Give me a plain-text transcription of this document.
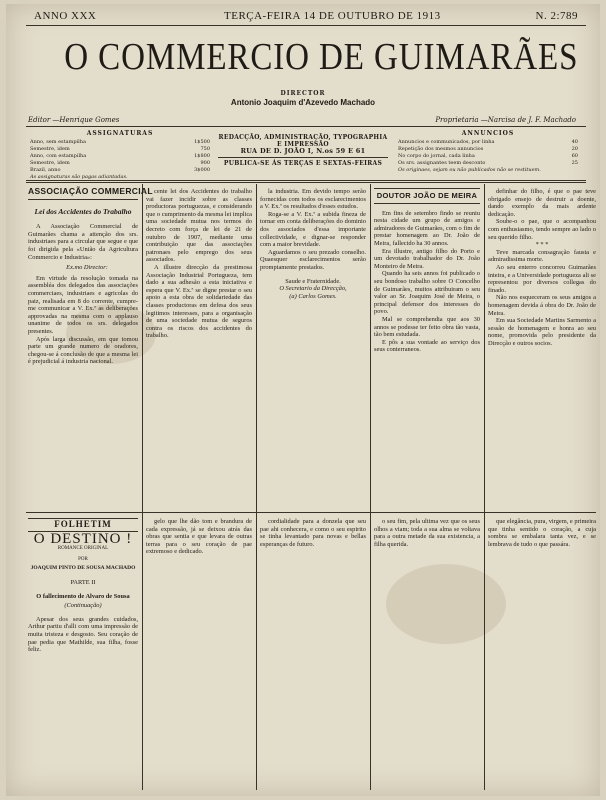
ANNO XXX	TERÇA-FEIRA 14 DE OUTUBRO DE 1913	N. 2:789
O COMMERCIO DE GUIMARÃES
DIRECTOR
Antonio Joaquim d'Azevedo Machado
Editor —Henrique Gomes	Proprietaria —Narcisa de J. F. Machado
ASSIGNATURAS
Anno, sem estampilha	1$500
Semestre, idem	750
Anno, com estampilha	1$800
Semestre, idem	900
Brazil, anno	3$000
As assignaturas são pagas adiantadas.
REDACÇÃO, ADMINISTRAÇÃO, TYPOGRAPHIA
E IMPRESSÃO
RUA DE D. JOÃO I, N.os 59 E 61
PUBLICA-SE ÁS TERÇAS E SEXTAS-FEIRAS
ANNUNCIOS
Annuncios e communicados, por linha	40
Repetição dos mesmos annuncios	20
No corpo do jornal, cada linha	60
Os srs. assignantes teem desconto	25
Os originaes, sejam ou não publicados não se restituem.
ASSOCIAÇÃO COMMERCIAL
Lei dos Accidentes do Trabalho

A Associação Commercial de Guimarães chama a attenção dos srs. industriaes para a circular que segue e que foi dirigida pela «União da Agricultura Commercio e Industria»:

Ex.mo Director:

Em virtude da resolução tomada na assembléa dos delegados das associações commerciaes, industriaes e agricolas do paiz, realisada em 8 do corrente, cumpre-me communicar a V. Ex.ª as deliberações approvadas na mesma com o applauso unanime de todos os srs. delegados presentes.

Após larga discussão, em que tomou parte um grande numero de oradores, chegou-se á conclusão de que a mesma lei é prejudicial á industria nacional.

cente lei dos Accidentes do trabalho vai fazer incidir sobre as classes productoras portuguezas, e considerando que o cumprimento da mesma lei implica uma sociedade mutua nos termos do decreto com força de lei de 21 de outubro de 1907, mediante uma contribuição que das associações patronaes pelo emprego dos seus associados.

A illustre direcção da prestimosa Associação Industrial Portugueza, tem dado a sua adhesão a esta iniciativa e espera que V. Ex.ª se digne prestar o seu apoio a esta obra de solidariedade das classes productoras em defesa dos seus legitimos interesses, para a organisação de uma sociedade mutua de seguros contra os riscos dos accidentes do trabalho.

la industria. Em devido tempo serão fornecidas com todos os esclarecimentos a V. Ex.ª os resultados d'esses estudos.

Roga-se a V. Ex.ª a subida fineza de tornar em conta deliberações do dominio dos associados d'essa importante collectividade, e dignar-se responder com a maior brevidade.

Aguardamos o seu prezado conselho. Quaesquer esclarecimentos serão promptamente prestados.

Saude e Fraternidade.
O Secretario da Direcção,
(a) Carlos Gomes.
DOUTOR JOÃO DE MEIRA

Em fins de setembro findo se reuniu nesta cidade um grupo de amigos e admiradores de Guimarães, com o fim de prestar homenagem ao Dr. João de Meira, fallecido ha 30 annos.

Era illustre, antigo filho do Porto e um devotado trabalhador do Dr. João Monteiro de Meira.

Quando ha seis annos foi publicado o seu bondoso trabalho sobre O Concelho de Guimarães, muitos attribuiram o seu valor ao Sr. Joaquim José de Meira, o principal defensor dos interesses do povo.

Mal se comprehendia que aos 30 annos se podesse ter feito obra tão vasta, tão bem estudada.

E pôs a sua vontade ao serviço dos seus conterraneos.

definhar do filho, é que o pae teve obrigado ensejo de destruir a doente, dando exemplo da mais ardente dedicação.

Soube-o o pae, que o acompanhou com enthusiasmo, tendo sempre ao lado o seu querido filho.

* * *

Teve marcada consagração fausta e admiradissima morte.

Ao seu enterro concorreu Guimarães inteira, e a Universidade portugueza ali se representou por diversos collegas do finado.

Não nos esqueceram os seus amigos a homenagem devida á obra do Dr. João de Meira.

Em sua Sociedade Martins Sarmento a sessão de homenagem e honra ao seu nome, promovida pelo presidente da Direcção e outros socios.

FOLHETIM
O DESTINO !
ROMANCE ORIGINAL
POR
JOAQUIM PINTO DE SOUSA MACHADO
PARTE II
O fallecimento de Alvaro de Sousa
(Continuação)

Apesar dos seus grandes cuidados, Arthur partiu d'alli com uma impressão de muita tristeza e desgosto. Seu coração de pae pedia que Mathilde, sua filha, fosse feliz.

gelo que lhe dão tom e brandura de cada expressão, já se deixou atrás das obras que sentia e que levara de outras terras para o seu coração de pae extremoso e dedicado.

cordialidade para a donzela que seu pae ahi conhecera, e como o seu espirito se tinha levantado para novas e bellas esperanças de futuro.

o seu fim, pela ultima vez que os seus olhos a viam; toda a sua alma se voltava para a outra metade da sua existencia, a filha querida.

que elegância, pura, virgem, e primeira que tinha sentido o coração, a cuja sombra se embalara tanta vez, e se lembrava de tudo o que passára.
